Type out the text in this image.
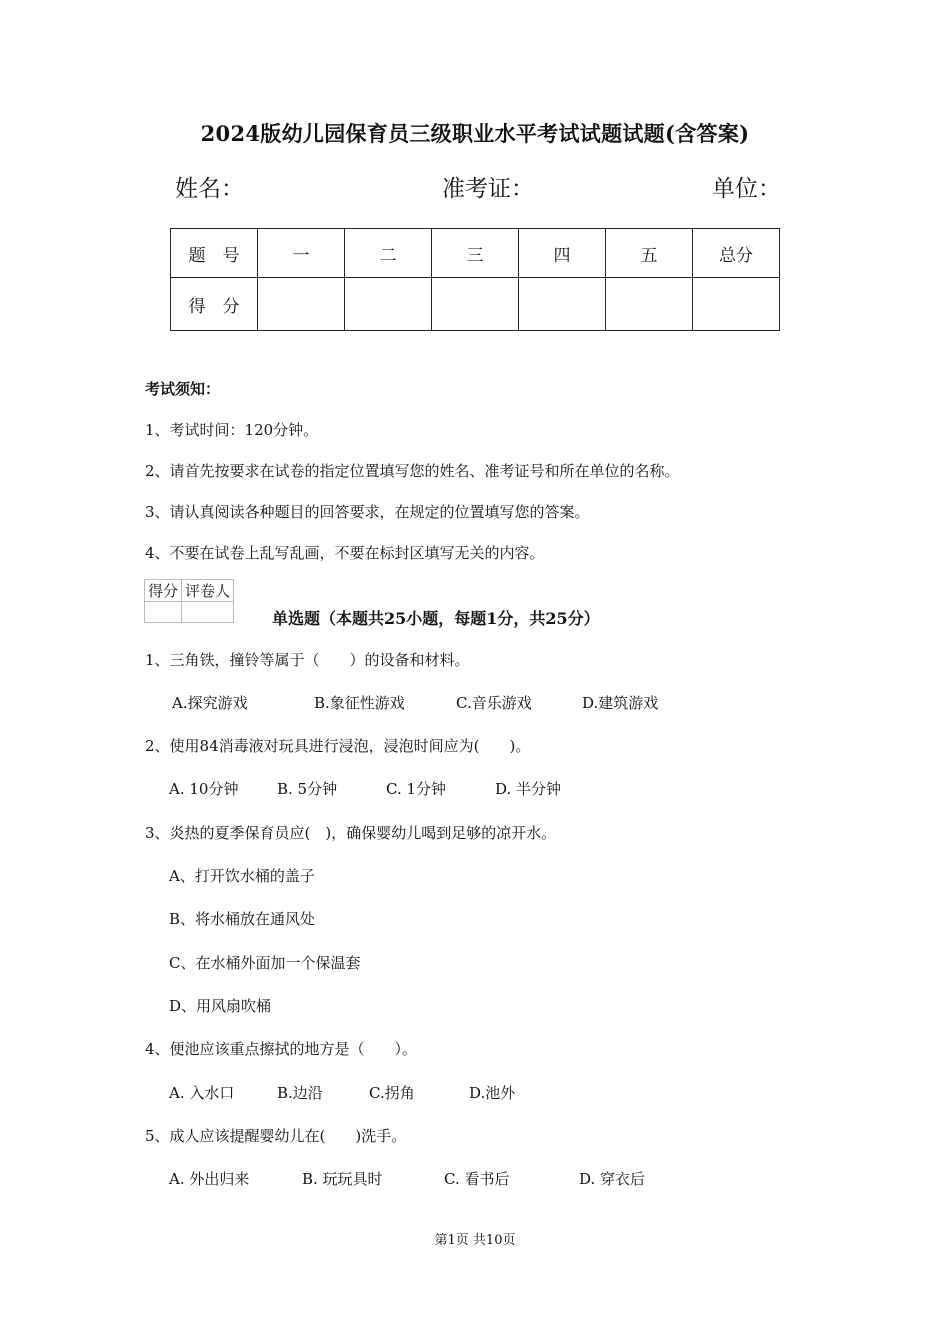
2024版幼儿园保育员三级职业水平考试试题试题(含答案)
姓名：	准考证：	单位：
题　号	一	二	三	四	五	总分
得　分						
考试须知：
1、考试时间：120分钟。
2、请首先按要求在试卷的指定位置填写您的姓名、准考证号和所在单位的名称。
3、请认真阅读各种题目的回答要求，在规定的位置填写您的答案。
4、不要在试卷上乱写乱画，不要在标封区填写无关的内容。
得分	评卷人

单选题（本题共25小题，每题1分，共25分）
1、三角铁，撞铃等属于（　　）的设备和材料。
A.探究游戏	B.象征性游戏	C.音乐游戏	D.建筑游戏
2、使用84消毒液对玩具进行浸泡，浸泡时间应为(　　)。
A. 10分钟	B. 5分钟	C. 1分钟	D. 半分钟
3、炎热的夏季保育员应(　)，确保婴幼儿喝到足够的凉开水。
A、打开饮水桶的盖子
B、将水桶放在通风处
C、在水桶外面加一个保温套
D、用风扇吹桶
4、便池应该重点擦拭的地方是（　　）。
A. 入水口	B.边沿	C.拐角	D.池外
5、成人应该提醒婴幼儿在(　　)洗手。
A. 外出归来	B. 玩玩具时	C. 看书后	D. 穿衣后
第1页 共10页
